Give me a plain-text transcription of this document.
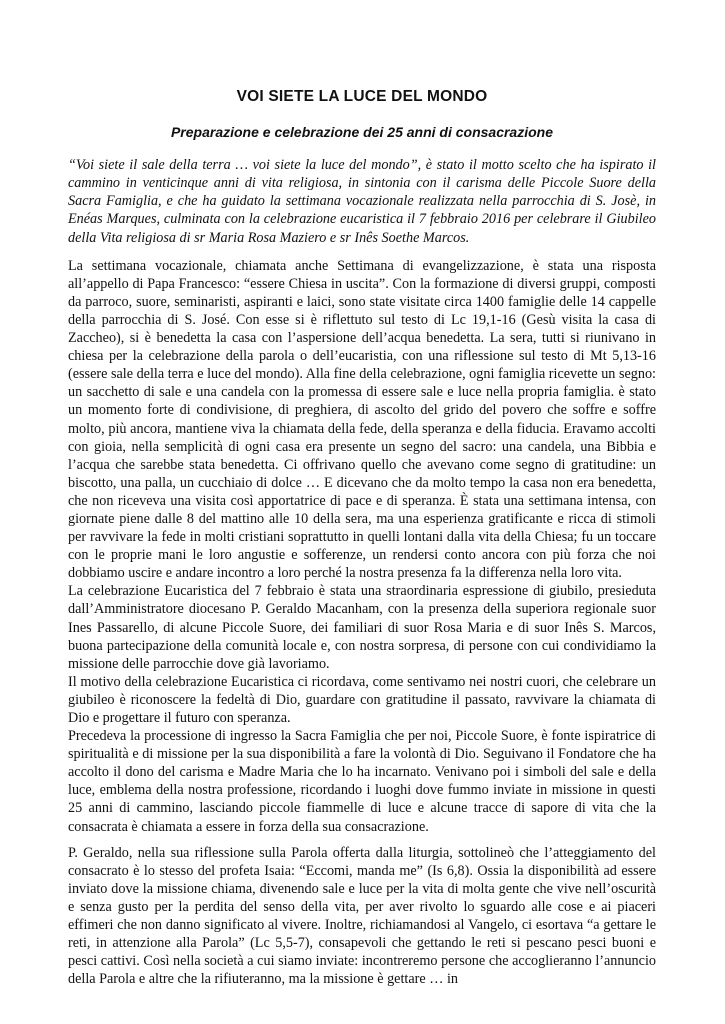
VOI SIETE LA LUCE DEL MONDO
Preparazione e celebrazione dei 25 anni di consacrazione

“Voi siete il sale della terra … voi siete la luce del mondo”, è stato il motto scelto che ha ispirato il cammino in venticinque anni di vita religiosa, in sintonia con il carisma delle Piccole Suore della Sacra Famiglia, e che ha guidato la settimana vocazionale realizzata nella parrocchia di S. Josè, in Enéas Marques, culminata con la celebrazione eucaristica il 7 febbraio 2016 per celebrare il Giubileo della Vita religiosa di sr Maria Rosa Maziero e sr Inês Soethe Marcos.

La settimana vocazionale, chiamata anche Settimana di evangelizzazione, è stata una risposta all’appello di Papa Francesco: “essere Chiesa in uscita”. Con la formazione di diversi gruppi, composti da parroco, suore, seminaristi, aspiranti e laici, sono state visitate circa 1400 famiglie delle 14 cappelle della parrocchia di S. José. Con esse si è riflettuto sul testo di Lc 19,1-16 (Gesù visita la casa di Zaccheo), si è benedetta la casa con l’aspersione dell’acqua benedetta. La sera, tutti si riunivano in chiesa per la celebrazione della parola o dell’eucaristia, con una riflessione sul testo di Mt 5,13-16 (essere sale della terra e luce del mondo). Alla fine della celebrazione, ogni famiglia ricevette un segno: un sacchetto di sale e una candela con la promessa di essere sale e luce nella propria famiglia. è stato un momento forte di condivisione, di preghiera, di ascolto del grido del povero che soffre e soffre molto, più ancora, mantiene viva la chiamata della fede, della speranza e della fiducia. Eravamo accolti con gioia, nella semplicità di ogni casa era presente un segno del sacro: una candela, una Bibbia e l’acqua che sarebbe stata benedetta. Ci offrivano quello che avevano come segno di gratitudine: un biscotto, una palla, un cucchiaio di dolce … E dicevano che da molto tempo la casa non era benedetta, che non riceveva una visita così apportatrice di pace e di speranza. È stata una settimana intensa, con giornate piene dalle 8 del mattino alle 10 della sera, ma una esperienza gratificante e ricca di stimoli per ravvivare la fede in molti cristiani soprattutto in quelli lontani dalla vita della Chiesa; fu un toccare con le proprie mani le loro angustie e sofferenze, un rendersi conto ancora con più forza che noi dobbiamo uscire e andare incontro a loro perché la nostra presenza fa la differenza nella loro vita.

La celebrazione Eucaristica del 7 febbraio è stata una straordinaria espressione di giubilo, presieduta dall’Amministratore diocesano P. Geraldo Macanham, con la presenza della superiora regionale suor Ines Passarello, di alcune Piccole Suore, dei familiari di suor Rosa Maria e di suor Inês S. Marcos, buona partecipazione della comunità locale e, con nostra sorpresa, di persone con cui condividiamo la missione delle parrocchie dove già lavoriamo.

Il motivo della celebrazione Eucaristica ci ricordava, come sentivamo nei nostri cuori, che celebrare un giubileo è riconoscere la fedeltà di Dio, guardare con gratitudine il passato, ravvivare la chiamata di Dio e progettare il futuro con speranza.

Precedeva la processione di ingresso la Sacra Famiglia che per noi, Piccole Suore, è fonte ispiratrice di spiritualità e di missione per la sua disponibilità a fare la volontà di Dio. Seguivano il Fondatore che ha accolto il dono del carisma e Madre Maria che lo ha incarnato. Venivano poi i simboli del sale e della luce, emblema della nostra professione, ricordando i luoghi dove fummo inviate in missione in questi 25 anni di cammino, lasciando piccole fiammelle di luce e alcune tracce di sapore di vita che la consacrata è chiamata a essere in forza della sua consacrazione.

P. Geraldo, nella sua riflessione sulla Parola offerta dalla liturgia, sottolineò che l’atteggiamento del consacrato è lo stesso del profeta Isaia: “Eccomi, manda me” (Is 6,8). Ossia la disponibilità ad essere inviato dove la missione chiama, divenendo sale e luce per la vita di molta gente che vive nell’oscurità e senza gusto per la perdita del senso della vita, per aver rivolto lo sguardo alle cose e ai piaceri effimeri che non danno significato al vivere. Inoltre, richiamandosi al Vangelo, ci esortava “a gettare le reti, in attenzione alla Parola” (Lc 5,5-7), consapevoli che gettando le reti si pescano pesci buoni e pesci cattivi. Così nella società a cui siamo inviate: incontreremo persone che accoglieranno l’annuncio della Parola e altre che la rifiuteranno, ma la missione è gettare … in
